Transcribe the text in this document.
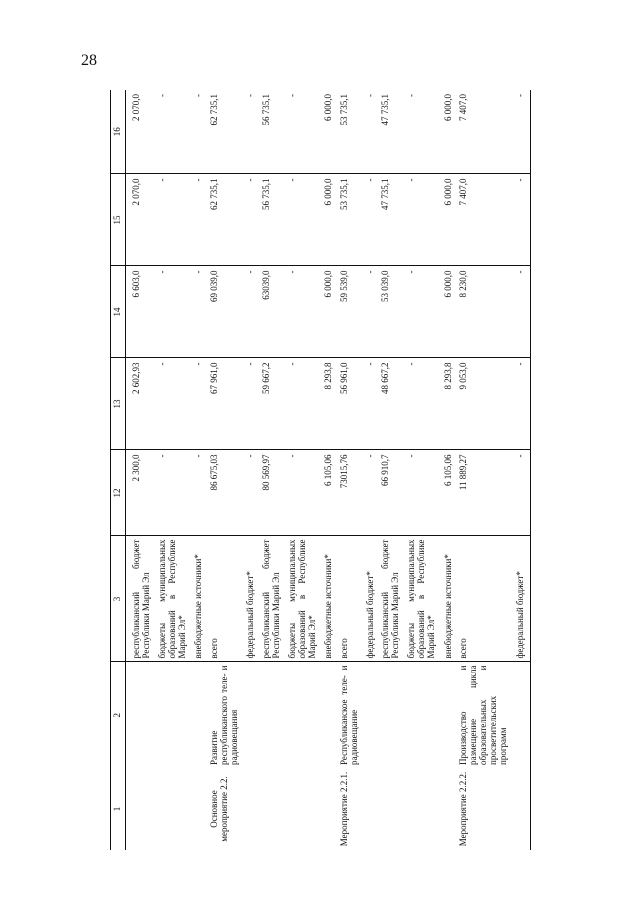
28
1	2	3	12	13	14	15	16
		республиканский бюджет Республики Марий Эл	2 300,0	2 602,93	6 603,0	2 070,0	2 070,0
		бюджеты муниципальных образований в Республике Марий Эл*	-	-	-	-	-
		внебюджетные источники*	-	-	-	-	-
Основное мероприятие 2.2.	Развитие республиканского теле- и радиовещания	всего	86 675,03	67 961,0	69 039,0	62 735,1	62 735,1
		федеральный бюджет*	-	-	-	-	-
		республиканский бюджет Республики Марий Эл	80 569,97	59 667,2	63039,0	56 735,1	56 735,1
		бюджеты муниципальных образований в Республике Марий Эл*	-	-	-	-	-
		внебюджетные источники*	6 105,06	8 293,8	6 000,0	6 000,0	6 000,0
Мероприятие 2.2.1.	Республиканское теле- и радиовещание	всего	73015,76	56 961,0	59 539,0	53 735,1	53 735,1
		федеральный бюджет*	-	-	-	-	-
		республиканский бюджет Республики Марий Эл	66 910,7	48 667,2	53 039,0	47 735,1	47 735,1
		бюджеты муниципальных образований в Республике Марий Эл*	-	-	-	-	-
		внебюджетные источники*	6 105,06	8 293,8	6 000,0	6 000,0	6 000,0
Мероприятие 2.2.2.	Производство и размещение цикла образовательных и просветительских программ	всего	11 889,27	9 053,0	8 230,0	7 407,0	7 407,0
		федеральный бюджет*	-	-	-	-	-
